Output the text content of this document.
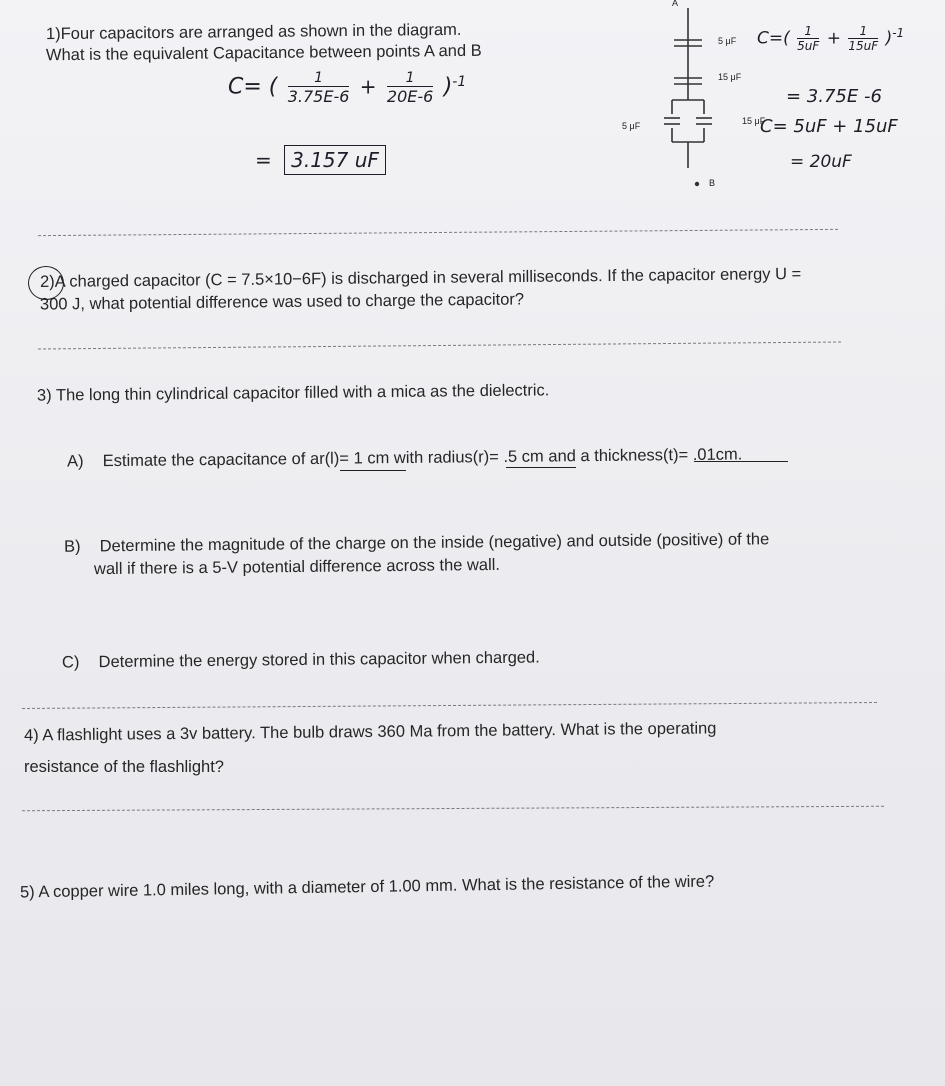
1)Four capacitors are arranged as shown in the diagram.

What is the equivalent Capacitance between points A and B

C= ( $\frac{1}{3.75E-6} + \frac{1}{20E-6} )^{-1}$
= 3.157 uF
A
B
5 μF
15 μF
5 μF	15 μF
$C=( \frac{1}{5uF} + \frac{1}{15uF} )^{-1}$
= 3.75E -6
C= 5uF + 15uF
= 20uF

2)A charged capacitor (C = 7.5×10−6F) is discharged in several milliseconds. If the capacitor energy U =

300 J, what potential difference was used to charge the capacitor?

3) The long thin cylindrical capacitor filled with a mica as the dielectric.

A) Estimate the capacitance of ar(l)= 1 cm with radius(r)= .5 cm and a thickness(t)= .01cm.

B) Determine the magnitude of the charge on the inside (negative) and outside (positive) of the

wall if there is a 5-V potential difference across the wall.

C) Determine the energy stored in this capacitor when charged.

4) A flashlight uses a 3v battery. The bulb draws 360 Ma from the battery. What is the operating

resistance of the flashlight?

5) A copper wire 1.0 miles long, with a diameter of 1.00 mm. What is the resistance of the wire?
